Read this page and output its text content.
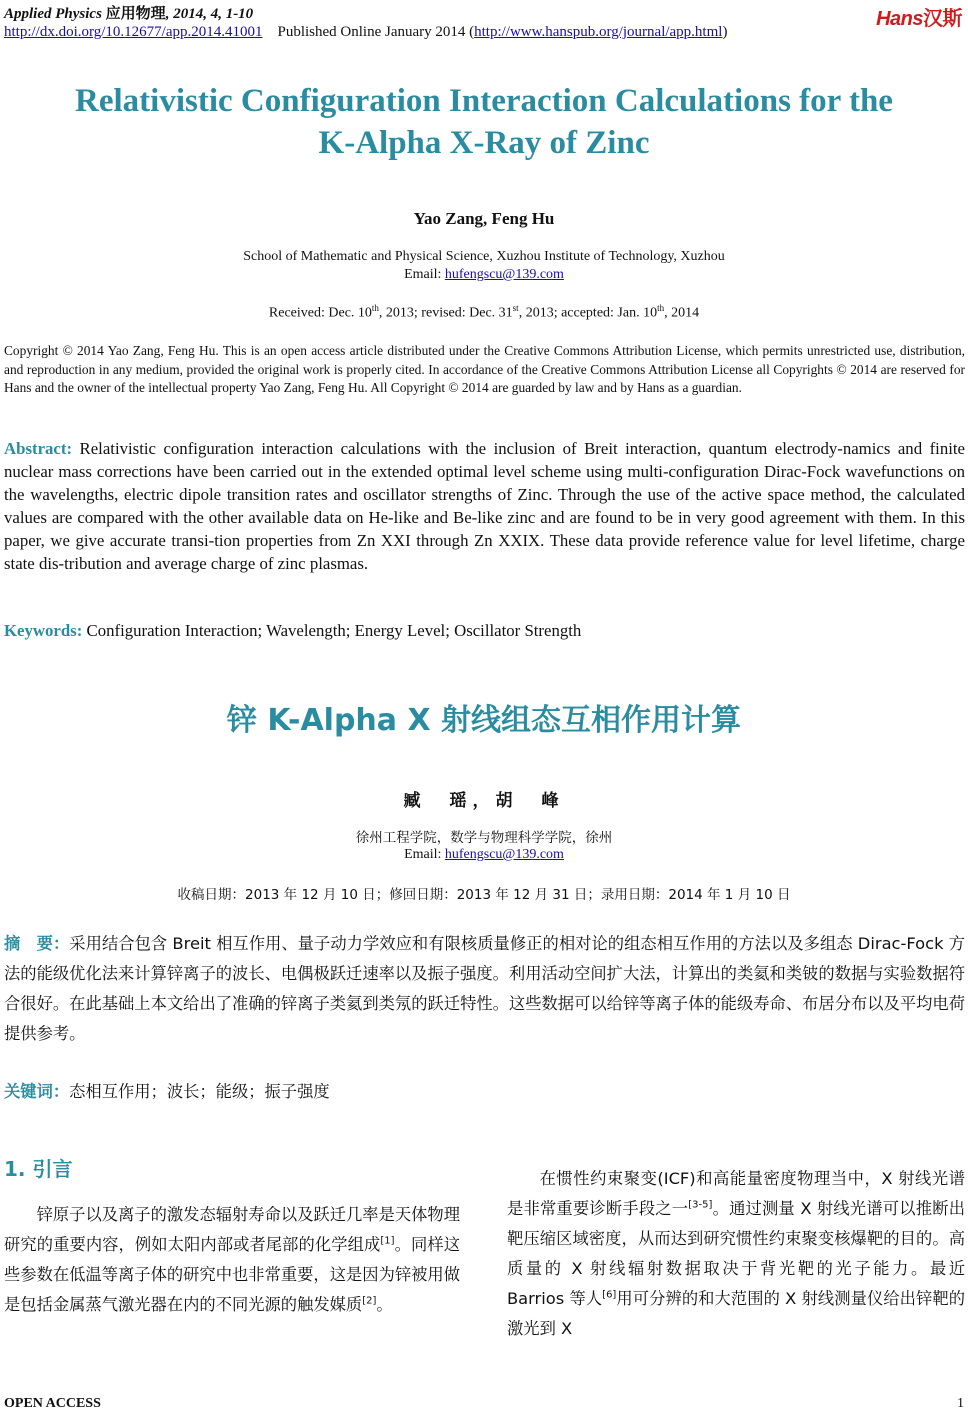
Applied Physics 应用物理, 2014, 4, 1-10
http://dx.doi.org/10.12677/app.2014.41001 Published Online January 2014 (http://www.hanspub.org/journal/app.html)
Hans汉斯
Relativistic Configuration Interaction Calculations for the
K-Alpha X-Ray of Zinc
Yao Zang, Feng Hu
School of Mathematic and Physical Science, Xuzhou Institute of Technology, Xuzhou
Email: hufengscu@139.com
Received: Dec. 10th, 2013; revised: Dec. 31st, 2013; accepted: Jan. 10th, 2014
Copyright © 2014 Yao Zang, Feng Hu. This is an open access article distributed under the Creative Commons Attribution License, which permits unrestricted use, distribution, and reproduction in any medium, provided the original work is properly cited. In accordance of the Creative Commons Attribution License all Copyrights © 2014 are reserved for Hans and the owner of the intellectual property Yao Zang, Feng Hu. All Copyright © 2014 are guarded by law and by Hans as a guardian.
Abstract: Relativistic configuration interaction calculations with the inclusion of Breit interaction, quantum electrody-namics and finite nuclear mass corrections have been carried out in the extended optimal level scheme using multi-configuration Dirac-Fock wavefunctions on the wavelengths, electric dipole transition rates and oscillator strengths of Zinc. Through the use of the active space method, the calculated values are compared with the other available data on He-like and Be-like zinc and are found to be in very good agreement with them. In this paper, we give accurate transi-tion properties from Zn XXI through Zn XXIX. These data provide reference value for level lifetime, charge state dis-tribution and average charge of zinc plasmas.
Keywords: Configuration Interaction; Wavelength; Energy Level; Oscillator Strength
锌 K-Alpha X 射线组态互相作用计算
臧　瑶，胡　峰
徐州工程学院，数学与物理科学学院，徐州
Email: hufengscu@139.com
收稿日期：2013 年 12 月 10 日；修回日期：2013 年 12 月 31 日；录用日期：2014 年 1 月 10 日
摘　要：采用结合包含 Breit 相互作用、量子动力学效应和有限核质量修正的相对论的组态相互作用的方法以及多组态 Dirac-Fock 方法的能级优化法来计算锌离子的波长、电偶极跃迁速率以及振子强度。利用活动空间扩大法，计算出的类氦和类铍的数据与实验数据符合很好。在此基础上本文给出了准确的锌离子类氦到类氖的跃迁特性。这些数据可以给锌等离子体的能级寿命、布居分布以及平均电荷提供参考。
关键词：态相互作用；波长；能级；振子强度
1. 引言
锌原子以及离子的激发态辐射寿命以及跃迁几率是天体物理研究的重要内容，例如太阳内部或者尾部的化学组成[1]。同样这些参数在低温等离子体的研究中也非常重要，这是因为锌被用做是包括金属蒸气激光器在内的不同光源的触发媒质[2]。
在惯性约束聚变(ICF)和高能量密度物理当中，X 射线光谱是非常重要诊断手段之一[3-5]。通过测量 X 射线光谱可以推断出靶压缩区域密度，从而达到研究惯性约束聚变核爆靶的目的。高质量的 X 射线辐射数据取决于背光靶的光子能力。最近 Barrios 等人[6]用可分辨的和大范围的 X 射线测量仪给出锌靶的激光到 X
OPEN ACCESS	1
